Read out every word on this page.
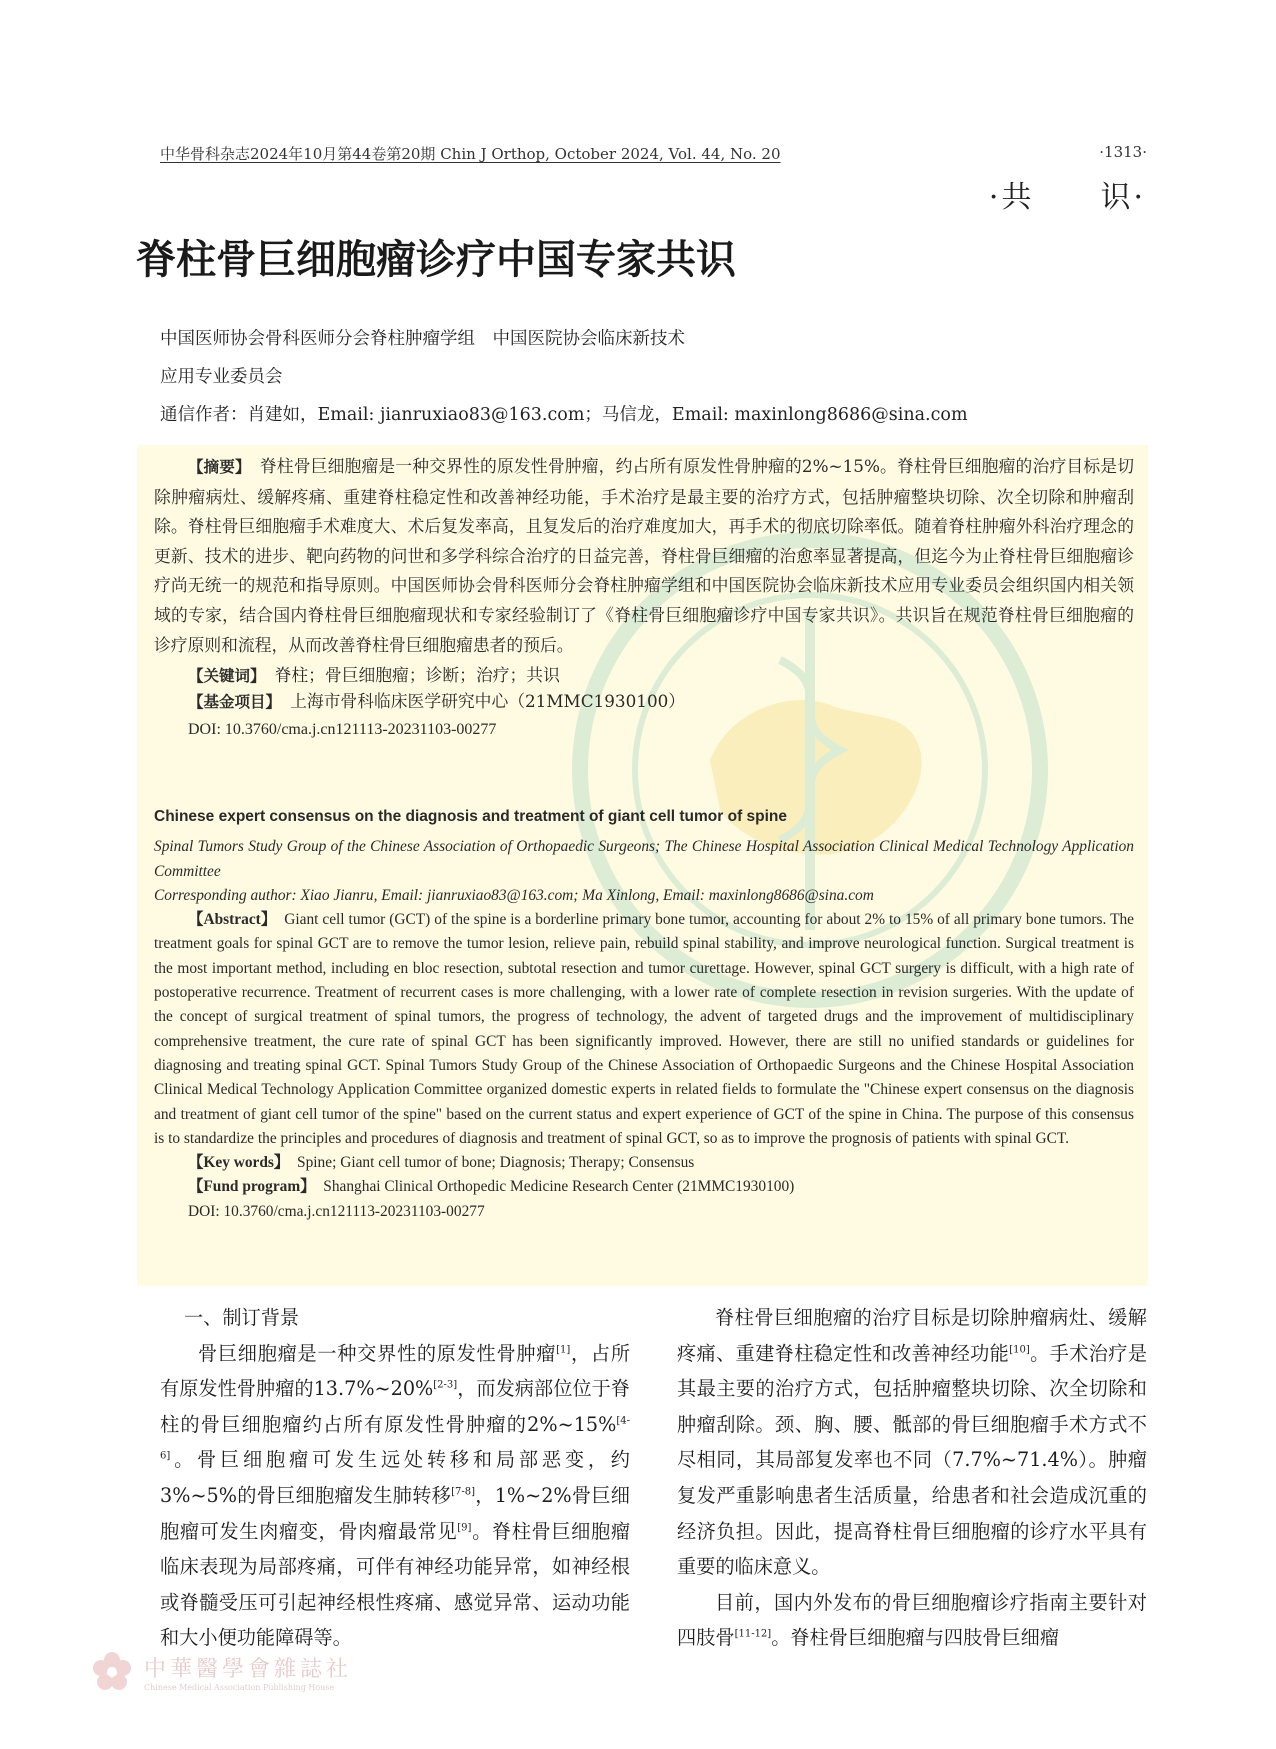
中华骨科杂志2024年10月第44卷第20期 Chin J Orthop, October 2024, Vol. 44, No. 20	·1313·
·共　　识·
脊柱骨巨细胞瘤诊疗中国专家共识
中国医师协会骨科医师分会脊柱肿瘤学组　中国医院协会临床新技术
应用专业委员会
通信作者：肖建如，Email: jianruxiao83@163.com；马信龙，Email: maxinlong8686@sina.com

【摘要】　 脊柱骨巨细胞瘤是一种交界性的原发性骨肿瘤，约占所有原发性骨肿瘤的2%~15%。脊柱骨巨细胞瘤的治疗目标是切除肿瘤病灶、缓解疼痛、重建脊柱稳定性和改善神经功能，手术治疗是最主要的治疗方式，包括肿瘤整块切除、次全切除和肿瘤刮除。脊柱骨巨细胞瘤手术难度大、术后复发率高，且复发后的治疗难度加大，再手术的彻底切除率低。随着脊柱肿瘤外科治疗理念的更新、技术的进步、靶向药物的问世和多学科综合治疗的日益完善，脊柱骨巨细瘤的治愈率显著提高，但迄今为止脊柱骨巨细胞瘤诊疗尚无统一的规范和指导原则。中国医师协会骨科医师分会脊柱肿瘤学组和中国医院协会临床新技术应用专业委员会组织国内相关领域的专家，结合国内脊柱骨巨细胞瘤现状和专家经验制订了《脊柱骨巨细胞瘤诊疗中国专家共识》。共识旨在规范脊柱骨巨细胞瘤的诊疗原则和流程，从而改善脊柱骨巨细胞瘤患者的预后。

【关键词】　 脊柱；骨巨细胞瘤；诊断；治疗；共识
【基金项目】　 上海市骨科临床医学研究中心（21MMC1930100）
DOI: 10.3760/cma.j.cn121113-20231103-00277
Chinese expert consensus on the diagnosis and treatment of giant cell tumor of spine

Spinal Tumors Study Group of the Chinese Association of Orthopaedic Surgeons; The Chinese Hospital Association Clinical Medical Technology Application Committee

Corresponding author: Xiao Jianru, Email: jianruxiao83@163.com; Ma Xinlong, Email: maxinlong8686@sina.com

【Abstract】　 Giant cell tumor (GCT) of the spine is a borderline primary bone tumor, accounting for about 2% to 15% of all primary bone tumors. The treatment goals for spinal GCT are to remove the tumor lesion, relieve pain, rebuild spinal stability, and improve neurological function. Surgical treatment is the most important method, including en bloc resection, subtotal resection and tumor curettage. However, spinal GCT surgery is difficult, with a high rate of postoperative recurrence. Treatment of recurrent cases is more challenging, with a lower rate of complete resection in revision surgeries. With the update of the concept of surgical treatment of spinal tumors, the progress of technology, the advent of targeted drugs and the improvement of multidisciplinary comprehensive treatment, the cure rate of spinal GCT has been significantly improved. However, there are still no unified standards or guidelines for diagnosing and treating spinal GCT. Spinal Tumors Study Group of the Chinese Association of Orthopaedic Surgeons and the Chinese Hospital Association Clinical Medical Technology Application Committee organized domestic experts in related fields to formulate the "Chinese expert consensus on the diagnosis and treatment of giant cell tumor of the spine" based on the current status and expert experience of GCT of the spine in China. The purpose of this consensus is to standardize the principles and procedures of diagnosis and treatment of spinal GCT, so as to improve the prognosis of patients with spinal GCT.

【Key words】　 Spine; Giant cell tumor of bone; Diagnosis; Therapy; Consensus

【Fund program】　 Shanghai Clinical Orthopedic Medicine Research Center (21MMC1930100)

DOI: 10.3760/cma.j.cn121113-20231103-00277

一、制订背景

骨巨细胞瘤是一种交界性的原发性骨肿瘤[1]，占所有原发性骨肿瘤的13.7%~20%[2-3]，而发病部位位于脊柱的骨巨细胞瘤约占所有原发性骨肿瘤的2%~15%[4-6]。骨巨细胞瘤可发生远处转移和局部恶变，约3%~5%的骨巨细胞瘤发生肺转移[7-8]，1%~2%骨巨细胞瘤可发生肉瘤变，骨肉瘤最常见[9]。脊柱骨巨细胞瘤临床表现为局部疼痛，可伴有神经功能异常，如神经根或脊髓受压可引起神经根性疼痛、感觉异常、运动功能和大小便功能障碍等。

脊柱骨巨细胞瘤的治疗目标是切除肿瘤病灶、缓解疼痛、重建脊柱稳定性和改善神经功能[10]。手术治疗是其最主要的治疗方式，包括肿瘤整块切除、次全切除和肿瘤刮除。颈、胸、腰、骶部的骨巨细胞瘤手术方式不尽相同，其局部复发率也不同（7.7%~71.4%）。肿瘤复发严重影响患者生活质量，给患者和社会造成沉重的经济负担。因此，提高脊柱骨巨细胞瘤的诊疗水平具有重要的临床意义。

目前，国内外发布的骨巨细胞瘤诊疗指南主要针对四肢骨[11-12]。脊柱骨巨细胞瘤与四肢骨巨细瘤

中華醫學會雜誌社
Chinese Medical Association Publishing House
